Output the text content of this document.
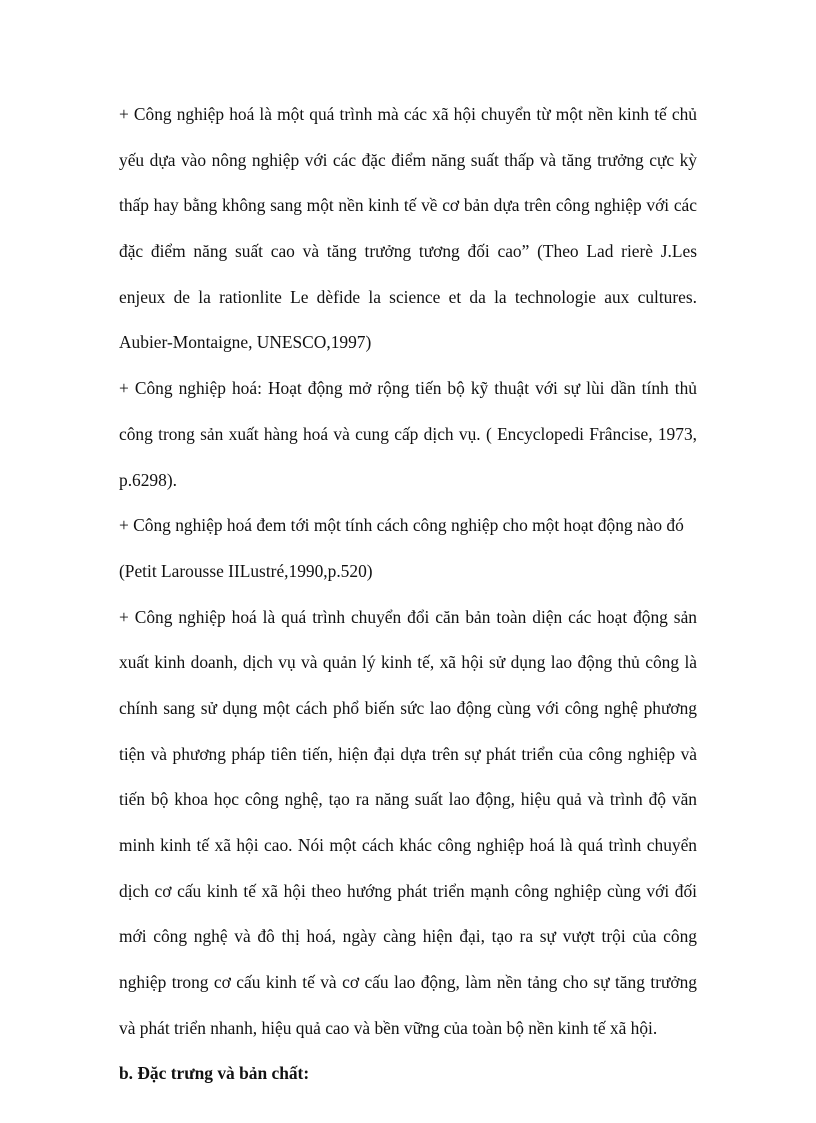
+ Công nghiệp hoá là một quá trình mà các xã hội chuyển từ một nền kinh tế chủ
yếu dựa vào nông nghiệp với các đặc điểm năng suất thấp và tăng trưởng cực kỳ
thấp hay bằng không sang một nền kinh tế về cơ bản dựa trên công nghiệp với các
đặc điểm năng suất cao và tăng trưởng tương đối cao” (Theo Lad rierè J.Les
enjeux de la rationlite Le dèfide la science et da la technologie aux cultures.
Aubier-Montaigne, UNESCO,1997)
+ Công nghiệp hoá: Hoạt động mở rộng tiến bộ kỹ thuật với sự lùi dần tính thủ
công trong sản xuất hàng hoá và cung cấp dịch vụ. ( Encyclopedi Frâncise, 1973,
p.6298).
+ Công nghiệp hoá đem tới một tính cách công nghiệp cho một hoạt động nào đó
(Petit Larousse IILustré,1990,p.520)
+ Công nghiệp hoá là quá trình chuyển đổi căn bản toàn diện các hoạt động sản
xuất kinh doanh, dịch vụ và quản lý kinh tế, xã hội sử dụng lao động thủ công là
chính sang sử dụng một cách phổ biến sức lao động cùng với công nghệ phương
tiện và phương pháp tiên tiến, hiện đại dựa trên sự phát triển của công nghiệp và
tiến bộ khoa học công nghệ, tạo ra năng suất lao động, hiệu quả và trình độ văn
minh kinh tế xã hội cao. Nói một cách khác công nghiệp hoá là quá trình chuyển
dịch cơ cấu kinh tế xã hội theo hướng phát triển mạnh công nghiệp cùng với đối
mới công nghệ và đô thị hoá, ngày càng hiện đại, tạo ra sự vượt trội của công
nghiệp trong cơ cấu kinh tế và cơ cấu lao động, làm nền tảng cho sự tăng trưởng
và phát triển nhanh, hiệu quả cao và bền vững của toàn bộ nền kinh tế xã hội.
b. Đặc trưng và bản chất:
